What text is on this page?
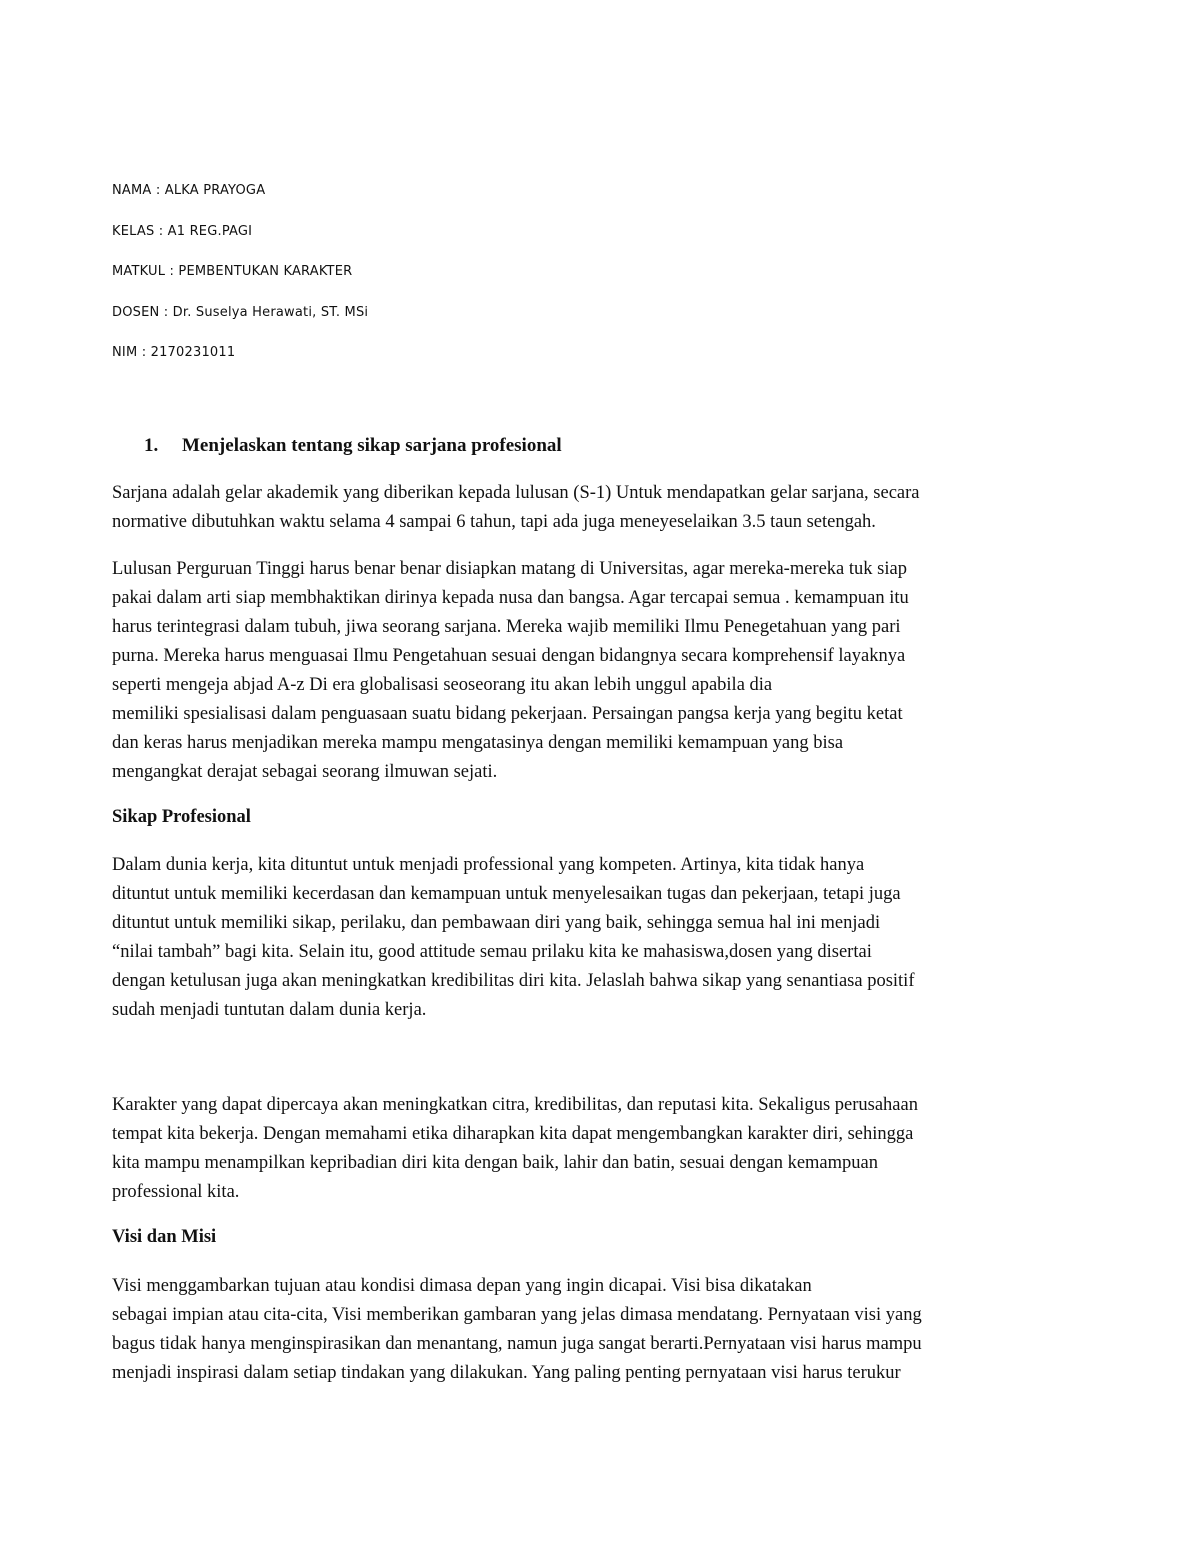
NAMA : ALKA PRAYOGA
KELAS : A1 REG.PAGI
MATKUL : PEMBENTUKAN KARAKTER
DOSEN : Dr. Suselya Herawati, ST. MSi
NIM : 2170231011
1. Menjelaskan tentang sikap sarjana profesional

Sarjana adalah gelar akademik yang diberikan kepada lulusan (S-1) Untuk mendapatkan gelar sarjana, secara
normative dibutuhkan waktu selama 4 sampai 6 tahun, tapi ada juga meneyeselaikan 3.5 taun setengah.

Lulusan Perguruan Tinggi harus benar benar disiapkan matang di Universitas, agar mereka-mereka tuk siap
pakai dalam arti siap membhaktikan dirinya kepada nusa dan bangsa. Agar tercapai semua . kemampuan itu
harus terintegrasi dalam tubuh, jiwa seorang sarjana. Mereka wajib memiliki Ilmu Penegetahuan yang pari
purna. Mereka harus menguasai Ilmu Pengetahuan sesuai dengan bidangnya secara komprehensif layaknya
seperti mengeja abjad A-z Di era globalisasi seoseorang itu akan lebih unggul apabila dia
memiliki spesialisasi dalam penguasaan suatu bidang pekerjaan. Persaingan pangsa kerja yang begitu ketat
dan keras harus menjadikan mereka mampu mengatasinya dengan memiliki kemampuan yang bisa
mengangkat derajat sebagai seorang ilmuwan sejati.

Sikap Profesional

Dalam dunia kerja, kita dituntut untuk menjadi professional yang kompeten. Artinya, kita tidak hanya
dituntut untuk memiliki kecerdasan dan kemampuan untuk menyelesaikan tugas dan pekerjaan, tetapi juga
dituntut untuk memiliki sikap, perilaku, dan pembawaan diri yang baik, sehingga semua hal ini menjadi
“nilai tambah” bagi kita. Selain itu, good attitude semau prilaku kita ke mahasiswa,dosen yang disertai
dengan ketulusan juga akan meningkatkan kredibilitas diri kita. Jelaslah bahwa sikap yang senantiasa positif
sudah menjadi tuntutan dalam dunia kerja.

Karakter yang dapat dipercaya akan meningkatkan citra, kredibilitas, dan reputasi kita. Sekaligus perusahaan
tempat kita bekerja. Dengan memahami etika diharapkan kita dapat mengembangkan karakter diri, sehingga
kita mampu menampilkan kepribadian diri kita dengan baik, lahir dan batin, sesuai dengan kemampuan
professional kita.

Visi dan Misi

Visi menggambarkan tujuan atau kondisi dimasa depan yang ingin dicapai. Visi bisa dikatakan
sebagai impian atau cita-cita, Visi memberikan gambaran yang jelas dimasa mendatang. Pernyataan visi yang
bagus tidak hanya menginspirasikan dan menantang, namun juga sangat berarti.Pernyataan visi harus mampu
menjadi inspirasi dalam setiap tindakan yang dilakukan. Yang paling penting pernyataan visi harus terukur
